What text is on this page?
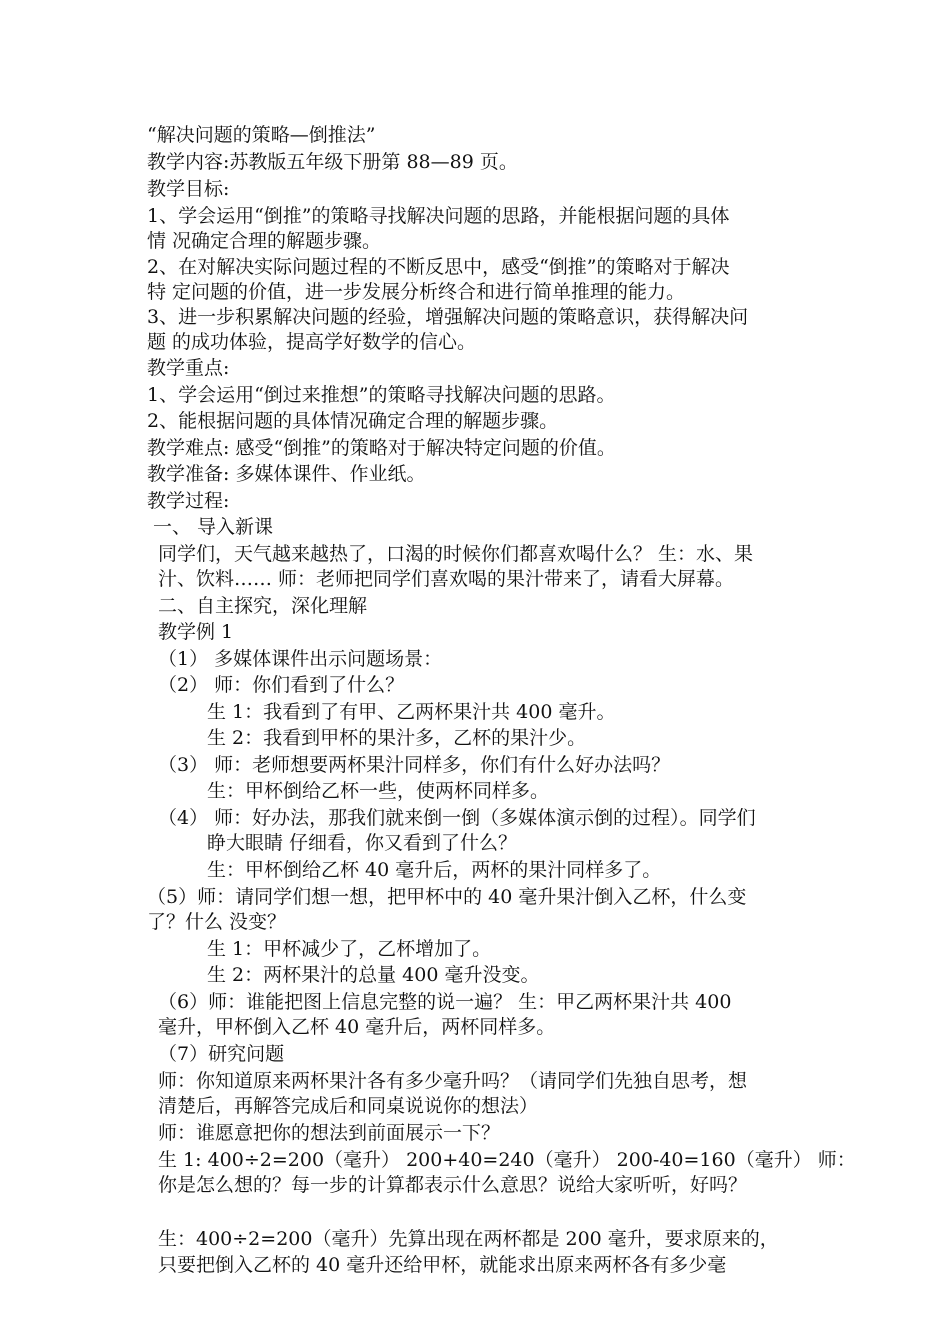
“解决问题的策略—倒推法”
教学内容:苏教版五年级下册第 88—89 页。
教学目标:
1、学会运用“倒推”的策略寻找解决问题的思路，并能根据问题的具体
情 况确定合理的解题步骤。
2、在对解决实际问题过程的不断反思中，感受“倒推”的策略对于解决
特 定问题的价值，进一步发展分析终合和进行简单推理的能力。
3、进一步积累解决问题的经验，增强解决问题的策略意识，获得解决问
题 的成功体验，提高学好数学的信心。
教学重点:
1、学会运用“倒过来推想”的策略寻找解决问题的思路。
2、能根据问题的具体情况确定合理的解题步骤。
教学难点: 感受“倒推”的策略对于解决特定问题的价值。
教学准备: 多媒体课件、作业纸。
教学过程:
一、 导入新课
同学们，天气越来越热了，口渴的时候你们都喜欢喝什么？ 生：水、果
汁、饮料…… 师：老师把同学们喜欢喝的果汁带来了，请看大屏幕。
二、自主探究，深化理解
教学例 1
（1） 多媒体课件出示问题场景：
（2） 师：你们看到了什么？
生 1：我看到了有甲、乙两杯果汁共 400 毫升。
生 2：我看到甲杯的果汁多，乙杯的果汁少。
（3） 师：老师想要两杯果汁同样多，你们有什么好办法吗？
生：甲杯倒给乙杯一些，使两杯同样多。
（4） 师：好办法，那我们就来倒一倒（多媒体演示倒的过程）。同学们
睁大眼睛 仔细看，你又看到了什么？
生：甲杯倒给乙杯 40 毫升后，两杯的果汁同样多了。
（5）师：请同学们想一想，把甲杯中的 40 毫升果汁倒入乙杯，什么变
了？什么 没变？
生 1：甲杯减少了，乙杯增加了。
生 2：两杯果汁的总量 400 毫升没变。
（6）师：谁能把图上信息完整的说一遍？ 生：甲乙两杯果汁共 400
毫升，甲杯倒入乙杯 40 毫升后，两杯同样多。
（7）研究问题
师：你知道原来两杯果汁各有多少毫升吗？（请同学们先独自思考，想
清楚后，再解答完成后和同桌说说你的想法）
师：谁愿意把你的想法到前面展示一下？
生 1: 400÷2=200（毫升） 200+40=240（毫升） 200-40=160（毫升） 师：
你是怎么想的？每一步的计算都表示什么意思？说给大家听听，好吗？
生：400÷2=200（毫升）先算出现在两杯都是 200 毫升，要求原来的，
只要把倒入乙杯的 40 毫升还给甲杯，就能求出原来两杯各有多少毫
